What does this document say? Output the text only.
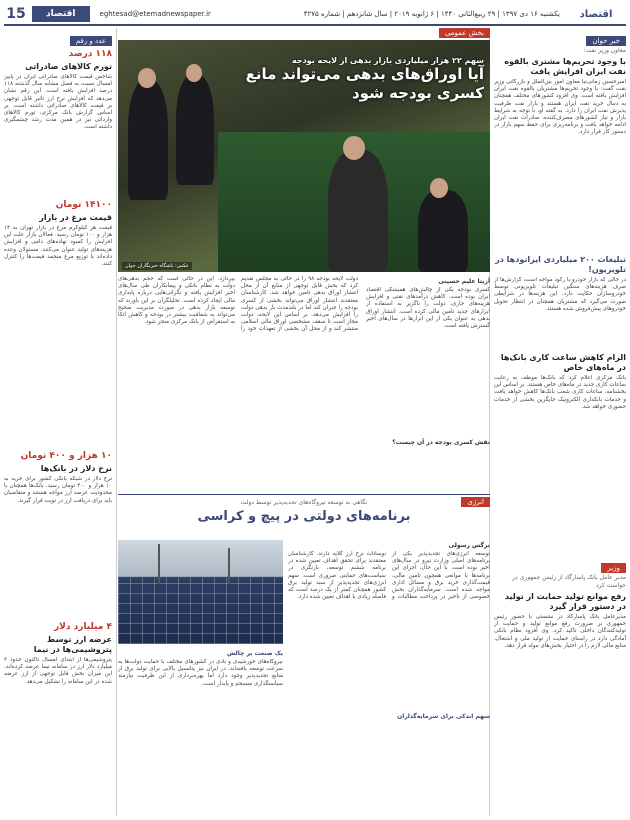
اقتصاد
یکشنبه ۱۶ دی ۱۳۹۷ | ۲۹ ربیع‌الثانی ۱۴۴۰ | ۶ ژانویه ۲۰۱۹ | سال شانزدهم | شماره ۴۲۷۵
eghtesad@etemadnewspaper.ir
اقتصاد
15
خبر خوان
معاون وزیر نفت:
با وجود تحریم‌ها مشتری بالقوه نفت ایران افزایش یافت
امیرحسین زمانی‌نیا معاون امور بین‌الملل و بازرگانی وزیر نفت گفت: با وجود تحریم‌ها مشتریان بالقوه نفت ایران افزایش یافته است. وی افزود کشورهای مختلف همچنان به دنبال خرید نفت ایران هستند و بازار نفت ظرفیت پذیرش نفت ایران را دارد. به گفته او، با توجه به شرایط بازار و نیاز کشورهای مصرف‌کننده، صادرات نفت ایران ادامه خواهد یافت و برنامه‌ریزی برای حفظ سهم بازار در دستور کار قرار دارد.
تبلیغات ۲۰۰ میلیاردی ایرانودها در تلویزیون!
در حالی که بازار خودرو با رکود مواجه است، گزارش‌ها از صرف هزینه‌های سنگین تبلیغات تلویزیونی توسط خودروسازان حکایت دارد. این هزینه‌ها در شرایطی صورت می‌گیرد که مشتریان همچنان در انتظار تحویل خودروهای پیش‌فروش شده هستند.
الزام کاهش ساعت کاری بانک‌ها در ماه‌های خاص
بانک مرکزی اعلام کرد که بانک‌ها موظف به رعایت ساعات کاری جدید در ماه‌های خاص هستند. بر اساس این بخشنامه، ساعات کاری شعب بانک‌ها کاهش خواهد یافت و خدمات بانکداری الکترونیک جایگزین بخشی از خدمات حضوری خواهد شد.
وزیر
مدیر عامل بانک پاسارگاد از رئیس جمهوری در خواست کرد
رفع موانع تولید حمایت از تولید در دستور قرار گیرد
مدیرعامل بانک پاسارگاد در نشستی با حضور رئیس جمهوری بر ضرورت رفع موانع تولید و حمایت از تولیدکنندگان داخلی تاکید کرد. وی افزود نظام بانکی آمادگی دارد در راستای حمایت از تولید ملی و اشتغال، منابع مالی لازم را در اختیار بخش‌های مولد قرار دهد.
بخش عمومی
سهم ۲۲ هزار میلیاردی بازار بدهی از لایحه بودجه
آیا اوراق‌های بدهی می‌تواند مانع کسری بودجه شود
عکس: باشگاه خبرنگاران جوان
دولت لایحه بودجه ۹۸ را در حالی به مجلس تقدیم کرد که بخش قابل توجهی از منابع آن از محل انتشار اوراق بدهی تامین خواهد شد. کارشناسان معتقدند انتشار اوراق می‌تواند بخشی از کسری بودجه را جبران کند اما در بلندمدت بار بدهی دولت را افزایش می‌دهد. بر اساس این لایحه، دولت مجاز است تا سقف مشخصی اوراق مالی اسلامی منتشر کند و از محل آن بخشی از تعهدات خود را بپردازد. این در حالی است که حجم بدهی‌های دولت به نظام بانکی و پیمانکاران طی سال‌های اخیر افزایش یافته و نگرانی‌هایی درباره پایداری مالی ایجاد کرده است. تحلیلگران بر این باورند که توسعه بازار بدهی در صورت مدیریت صحیح می‌تواند به شفافیت بیشتر در بودجه و کاهش اتکا به استقراض از بانک مرکزی منجر شود.
آزیتا علیم حسینی
کسری بودجه یکی از چالش‌های همیشگی اقتصاد ایران بوده است. کاهش درآمدهای نفتی و افزایش هزینه‌های جاری، دولت را ناگزیر به استفاده از ابزارهای جدید تامین مالی کرده است. انتشار اوراق بدهی به عنوان یکی از این ابزارها در سال‌های اخیر گسترش یافته است.
نقش کسری بودجه در آن چیست؟
انرژی
نگاهی به توسعه نیروگاه‌های تجدیدپذیر توسط دولت
برنامه‌های دولتی در پیچ و کراسی
نرگس رسولی
توسعه انرژی‌های تجدیدپذیر یکی از برنامه‌های اصلی وزارت نیرو در سال‌های اخیر بوده است. با این حال، اجرای این برنامه‌ها با موانعی همچون تامین مالی، قیمت‌گذاری خرید برق و مسائل اداری مواجه شده است. سرمایه‌گذاران بخش خصوصی از تاخیر در پرداخت مطالبات و نوسانات نرخ ارز گلایه دارند. کارشناسان معتقدند برای تحقق اهداف تعیین شده در برنامه ششم توسعه، بازنگری در سیاست‌های حمایتی ضروری است. سهم انرژی‌های تجدیدپذیر از سبد تولید برق کشور همچنان کمتر از یک درصد است که فاصله زیادی با اهداف تعیین شده دارد.
سهم اندکی برای سرمایه‌گذاران
یک صنعت پر چالش
نیروگاه‌های خورشیدی و بادی در کشورهای مختلف با حمایت دولت‌ها به سرعت توسعه یافته‌اند. در ایران نیز پتانسیل بالایی برای تولید برق از منابع تجدیدپذیر وجود دارد اما بهره‌برداری از این ظرفیت نیازمند سیاستگذاری منسجم و پایدار است.
عدد و رقم
۱۱۸ درصد
تورم کالاهای صادراتی
شاخص قیمت کالاهای صادراتی ایران در پاییز امسال نسبت به فصل مشابه سال گذشته ۱۱۸ درصد افزایش یافته است. این رقم نشان می‌دهد که افزایش نرخ ارز تاثیر قابل توجهی بر قیمت کالاهای صادراتی داشته است. بر اساس گزارش بانک مرکزی، تورم کالاهای وارداتی نیز در همین مدت رشد چشمگیری داشته است.
۱۴۱۰۰ تومان
قیمت مرغ در بازار
قیمت هر کیلوگرم مرغ در بازار تهران به ۱۴ هزار و ۱۰۰ تومان رسید. فعالان بازار علت این افزایش را کمبود نهاده‌های دامی و افزایش هزینه‌های تولید عنوان می‌کنند. مسئولان وعده داده‌اند با توزیع مرغ منجمد قیمت‌ها را کنترل کنند.
۱۰ هزار و ۴۰۰ تومان
نرخ دلار در بانک‌ها
نرخ دلار در شبکه بانکی کشور برای خرید به ۱۰ هزار و ۴۰۰ تومان رسید. بانک‌ها همچنان با محدودیت عرضه ارز مواجه هستند و متقاضیان باید برای دریافت ارز در نوبت قرار گیرند.
۴ میلیارد دلار
عرضه ارز توسط پتروشیمی‌ها در نیما
پتروشیمی‌ها از ابتدای امسال تاکنون حدود ۴ میلیارد دلار ارز در سامانه نیما عرضه کرده‌اند. این میزان بخش قابل توجهی از ارز عرضه شده در این سامانه را تشکیل می‌دهد.
